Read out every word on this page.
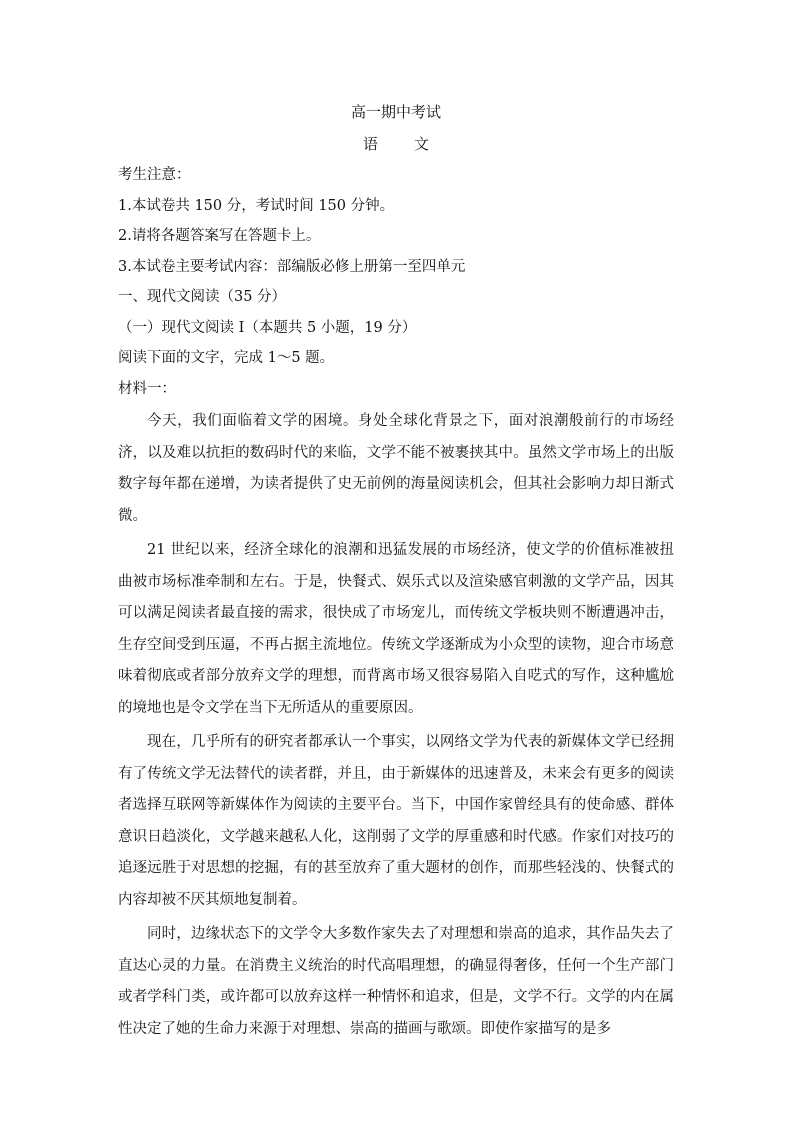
高一期中考试

语 文

考生注意：

1.本试卷共 150 分，考试时间 150 分钟。

2.请将各题答案写在答题卡上。

3.本试卷主要考试内容：部编版必修上册第一至四单元

一、现代文阅读（35 分）

（一）现代文阅读 I（本题共 5 小题，19 分）

阅读下面的文字，完成 1～5 题。

材料一：

今天，我们面临着文学的困境。身处全球化背景之下，面对浪潮般前行的市场经济，以及难以抗拒的数码时代的来临，文学不能不被裹挟其中。虽然文学市场上的出版数字每年都在递增，为读者提供了史无前例的海量阅读机会，但其社会影响力却日渐式微。

21 世纪以来，经济全球化的浪潮和迅猛发展的市场经济，使文学的价值标准被扭曲被市场标准牵制和左右。于是，快餐式、娱乐式以及渲染感官刺激的文学产品，因其可以满足阅读者最直接的需求，很快成了市场宠儿，而传统文学板块则不断遭遇冲击，生存空间受到压逼，不再占据主流地位。传统文学逐渐成为小众型的读物，迎合市场意味着彻底或者部分放弃文学的理想，而背离市场又很容易陷入自呓式的写作，这种尴尬的境地也是令文学在当下无所适从的重要原因。

现在，几乎所有的研究者都承认一个事实，以网络文学为代表的新媒体文学已经拥有了传统文学无法替代的读者群，并且，由于新媒体的迅速普及，未来会有更多的阅读者选择互联网等新媒体作为阅读的主要平台。当下，中国作家曾经具有的使命感、群体意识日趋淡化，文学越来越私人化，这削弱了文学的厚重感和时代感。作家们对技巧的追逐远胜于对思想的挖掘，有的甚至放弃了重大题材的创作，而那些轻浅的、快餐式的内容却被不厌其烦地复制着。

同时，边缘状态下的文学令大多数作家失去了对理想和崇高的追求，其作品失去了直达心灵的力量。在消费主义统治的时代高唱理想，的确显得奢侈，任何一个生产部门或者学科门类，或许都可以放弃这样一种情怀和追求，但是，文学不行。文学的内在属性决定了她的生命力来源于对理想、崇高的描画与歌颂。即使作家描写的是多
